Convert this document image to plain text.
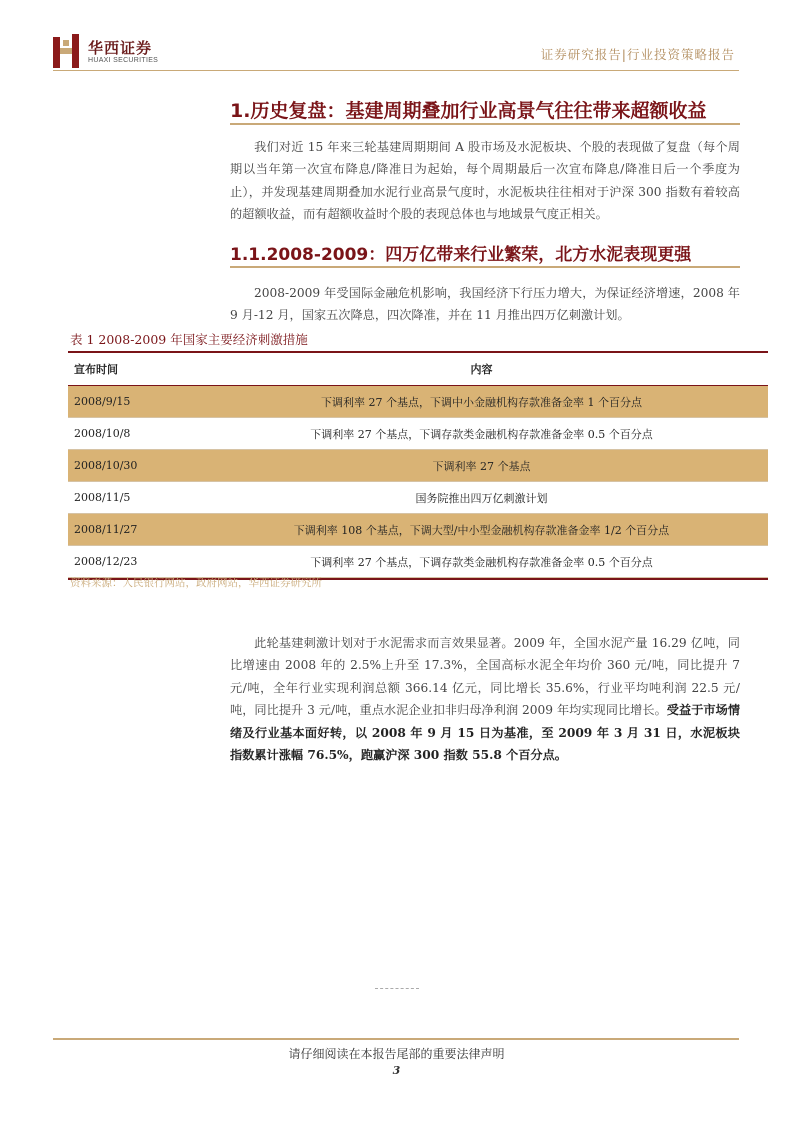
华西证券
HUAXI SECURITIES	证券研究报告|行业投资策略报告
1.历史复盘：基建周期叠加行业高景气往往带来超额收益

我们对近 15 年来三轮基建周期期间 A 股市场及水泥板块、个股的表现做了复盘（每个周期以当年第一次宣布降息/降准日为起始，每个周期最后一次宣布降息/降准日后一个季度为止），并发现基建周期叠加水泥行业高景气度时，水泥板块往往相对于沪深 300 指数有着较高的超额收益，而有超额收益时个股的表现总体也与地域景气度正相关。

1.1.2008-2009：四万亿带来行业繁荣，北方水泥表现更强

2008-2009 年受国际金融危机影响，我国经济下行压力增大，为保证经济增速，2008 年 9 月-12 月，国家五次降息，四次降准，并在 11 月推出四万亿刺激计划。

表 1 2008-2009 年国家主要经济刺激措施
宣布时间	内容
2008/9/15	下调利率 27 个基点，下调中小金融机构存款准备金率 1 个百分点
2008/10/8	下调利率 27 个基点，下调存款类金融机构存款准备金率 0.5 个百分点
2008/10/30	下调利率 27 个基点
2008/11/5	国务院推出四万亿刺激计划
2008/11/27	下调利率 108 个基点，下调大型/中小型金融机构存款准备金率 1/2 个百分点
2008/12/23	下调利率 27 个基点，下调存款类金融机构存款准备金率 0.5 个百分点
资料来源：人民银行网站，政府网站，华西证券研究所

此轮基建刺激计划对于水泥需求而言效果显著。2009 年，全国水泥产量 16.29 亿吨，同比增速由 2008 年的 2.5%上升至 17.3%，全国高标水泥全年均价 360 元/吨，同比提升 7 元/吨，全年行业实现利润总额 366.14 亿元，同比增长 35.6%，行业平均吨利润 22.5 元/吨，同比提升 3 元/吨，重点水泥企业扣非归母净利润 2009 年均实现同比增长。受益于市场情绪及行业基本面好转，以 2008 年 9 月 15 日为基准，至 2009 年 3 月 31 日，水泥板块指数累计涨幅 76.5%，跑赢沪深 300 指数 55.8 个百分点。

请仔细阅读在本报告尾部的重要法律声明
3
